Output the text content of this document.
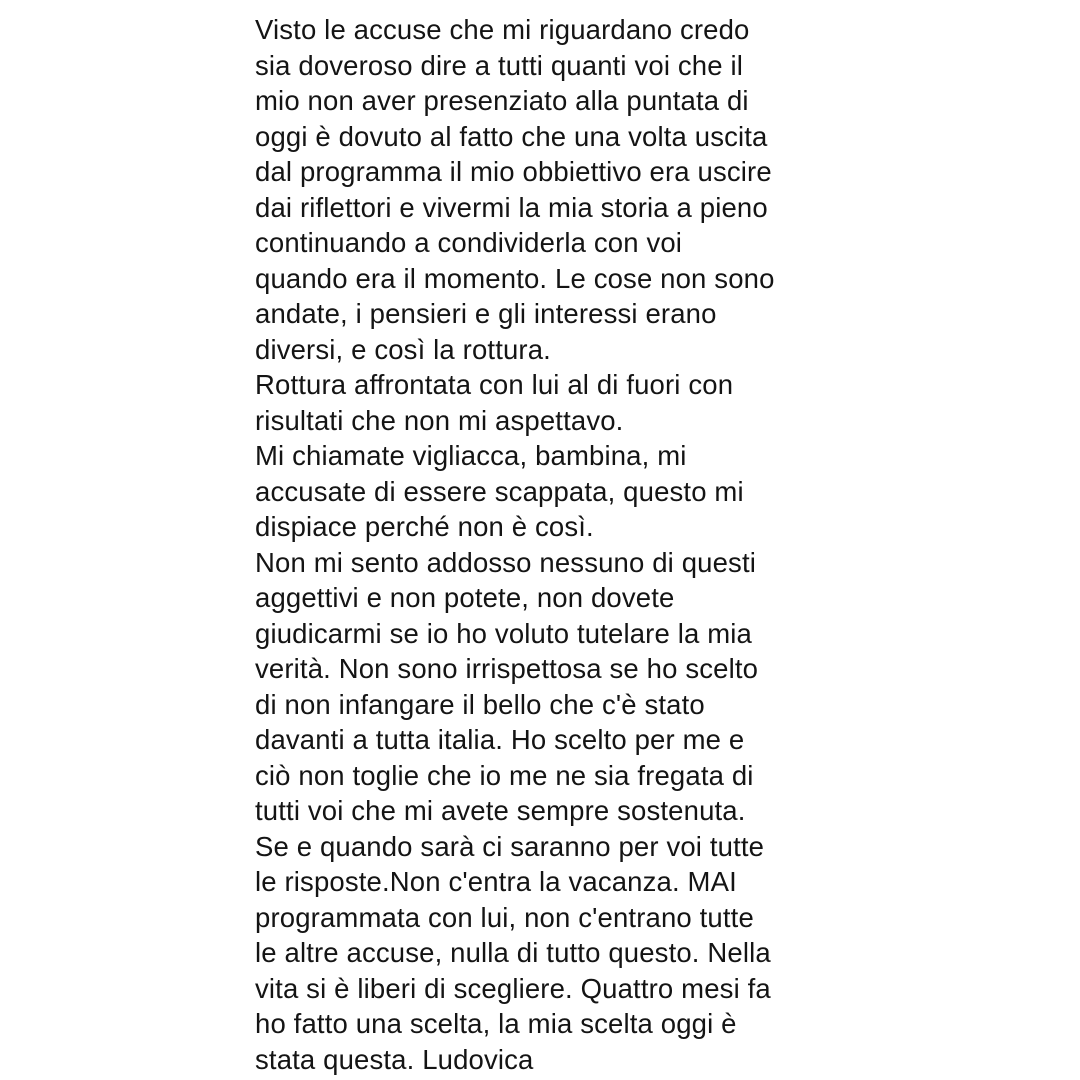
Visto le accuse che mi riguardano credo
sia doveroso dire a tutti quanti voi che il
mio non aver presenziato alla puntata di
oggi è dovuto al fatto che una volta uscita
dal programma il mio obbiettivo era uscire
dai riflettori e vivermi la mia storia a pieno
continuando a condividerla con voi
quando era il momento. Le cose non sono
andate, i pensieri e gli interessi erano
diversi, e così la rottura.
Rottura affrontata con lui al di fuori con
risultati che non mi aspettavo.
Mi chiamate vigliacca, bambina, mi
accusate di essere scappata, questo mi
dispiace perché non è così.
Non mi sento addosso nessuno di questi
aggettivi e non potete, non dovete
giudicarmi se io ho voluto tutelare la mia
verità. Non sono irrispettosa se ho scelto
di non infangare il bello che c'è stato
davanti a tutta italia. Ho scelto per me e
ciò non toglie che io me ne sia fregata di
tutti voi che mi avete sempre sostenuta.
Se e quando sarà ci saranno per voi tutte
le risposte.Non c'entra la vacanza. MAI
programmata con lui, non c'entrano tutte
le altre accuse, nulla di tutto questo. Nella
vita si è liberi di scegliere. Quattro mesi fa
ho fatto una scelta, la mia scelta oggi è
stata questa. Ludovica
